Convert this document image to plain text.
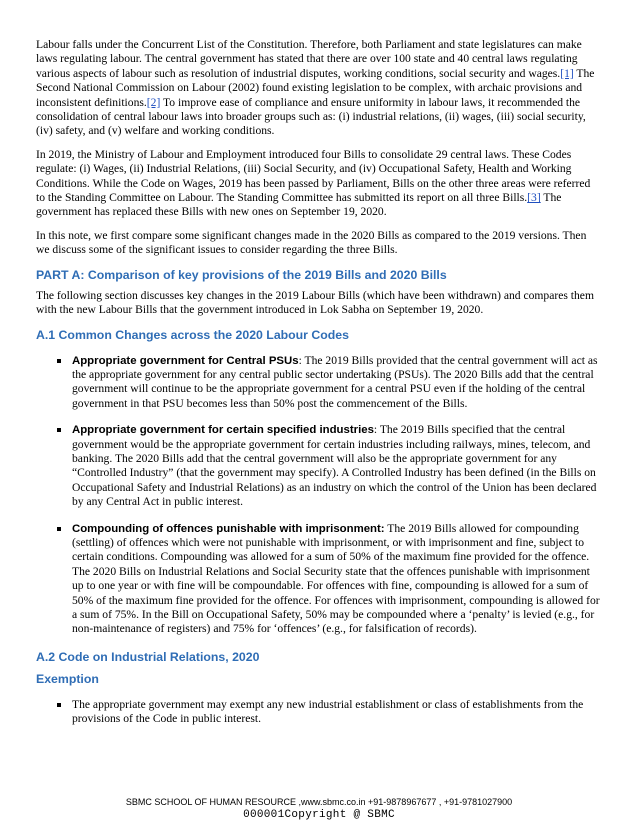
Labour falls under the Concurrent List of the Constitution. Therefore, both Parliament and state legislatures can make laws regulating labour. The central government has stated that there are over 100 state and 40 central laws regulating various aspects of labour such as resolution of industrial disputes, working conditions, social security and wages.[1] The Second National Commission on Labour (2002) found existing legislation to be complex, with archaic provisions and inconsistent definitions.[2] To improve ease of compliance and ensure uniformity in labour laws, it recommended the consolidation of central labour laws into broader groups such as: (i) industrial relations, (ii) wages, (iii) social security, (iv) safety, and (v) welfare and working conditions.

In 2019, the Ministry of Labour and Employment introduced four Bills to consolidate 29 central laws. These Codes regulate: (i) Wages, (ii) Industrial Relations, (iii) Social Security, and (iv) Occupational Safety, Health and Working Conditions. While the Code on Wages, 2019 has been passed by Parliament, Bills on the other three areas were referred to the Standing Committee on Labour. The Standing Committee has submitted its report on all three Bills.[3] The government has replaced these Bills with new ones on September 19, 2020.

In this note, we first compare some significant changes made in the 2020 Bills as compared to the 2019 versions. Then we discuss some of the significant issues to consider regarding the three Bills.

PART A: Comparison of key provisions of the 2019 Bills and 2020 Bills

The following section discusses key changes in the 2019 Labour Bills (which have been withdrawn) and compares them with the new Labour Bills that the government introduced in Lok Sabha on September 19, 2020.

A.1 Common Changes across the 2020 Labour Codes
Appropriate government for Central PSUs: The 2019 Bills provided that the central government will act as the appropriate government for any central public sector undertaking (PSUs). The 2020 Bills add that the central government will continue to be the appropriate government for a central PSU even if the holding of the central government in that PSU becomes less than 50% post the commencement of the Bills.
Appropriate government for certain specified industries: The 2019 Bills specified that the central government would be the appropriate government for certain industries including railways, mines, telecom, and banking. The 2020 Bills add that the central government will also be the appropriate government for any “Controlled Industry” (that the government may specify). A Controlled Industry has been defined (in the Bills on Occupational Safety and Industrial Relations) as an industry on which the control of the Union has been declared by any Central Act in public interest.
Compounding of offences punishable with imprisonment: The 2019 Bills allowed for compounding (settling) of offences which were not punishable with imprisonment, or with imprisonment and fine, subject to certain conditions. Compounding was allowed for a sum of 50% of the maximum fine provided for the offence. The 2020 Bills on Industrial Relations and Social Security state that the offences punishable with imprisonment up to one year or with fine will be compoundable. For offences with fine, compounding is allowed for a sum of 50% of the maximum fine provided for the offence. For offences with imprisonment, compounding is allowed for a sum of 75%. In the Bill on Occupational Safety, 50% may be compounded where a ‘penalty’ is levied (e.g., for non-maintenance of registers) and 75% for ‘offences’ (e.g., for falsification of records).
A.2 Code on Industrial Relations, 2020
Exemption
The appropriate government may exempt any new industrial establishment or class of establishments from the provisions of the Code in public interest.
SBMC SCHOOL OF HUMAN RESOURCE ,www.sbmc.co.in +91-9878967677 , +91-9781027900
000001Copyright @ SBMC
